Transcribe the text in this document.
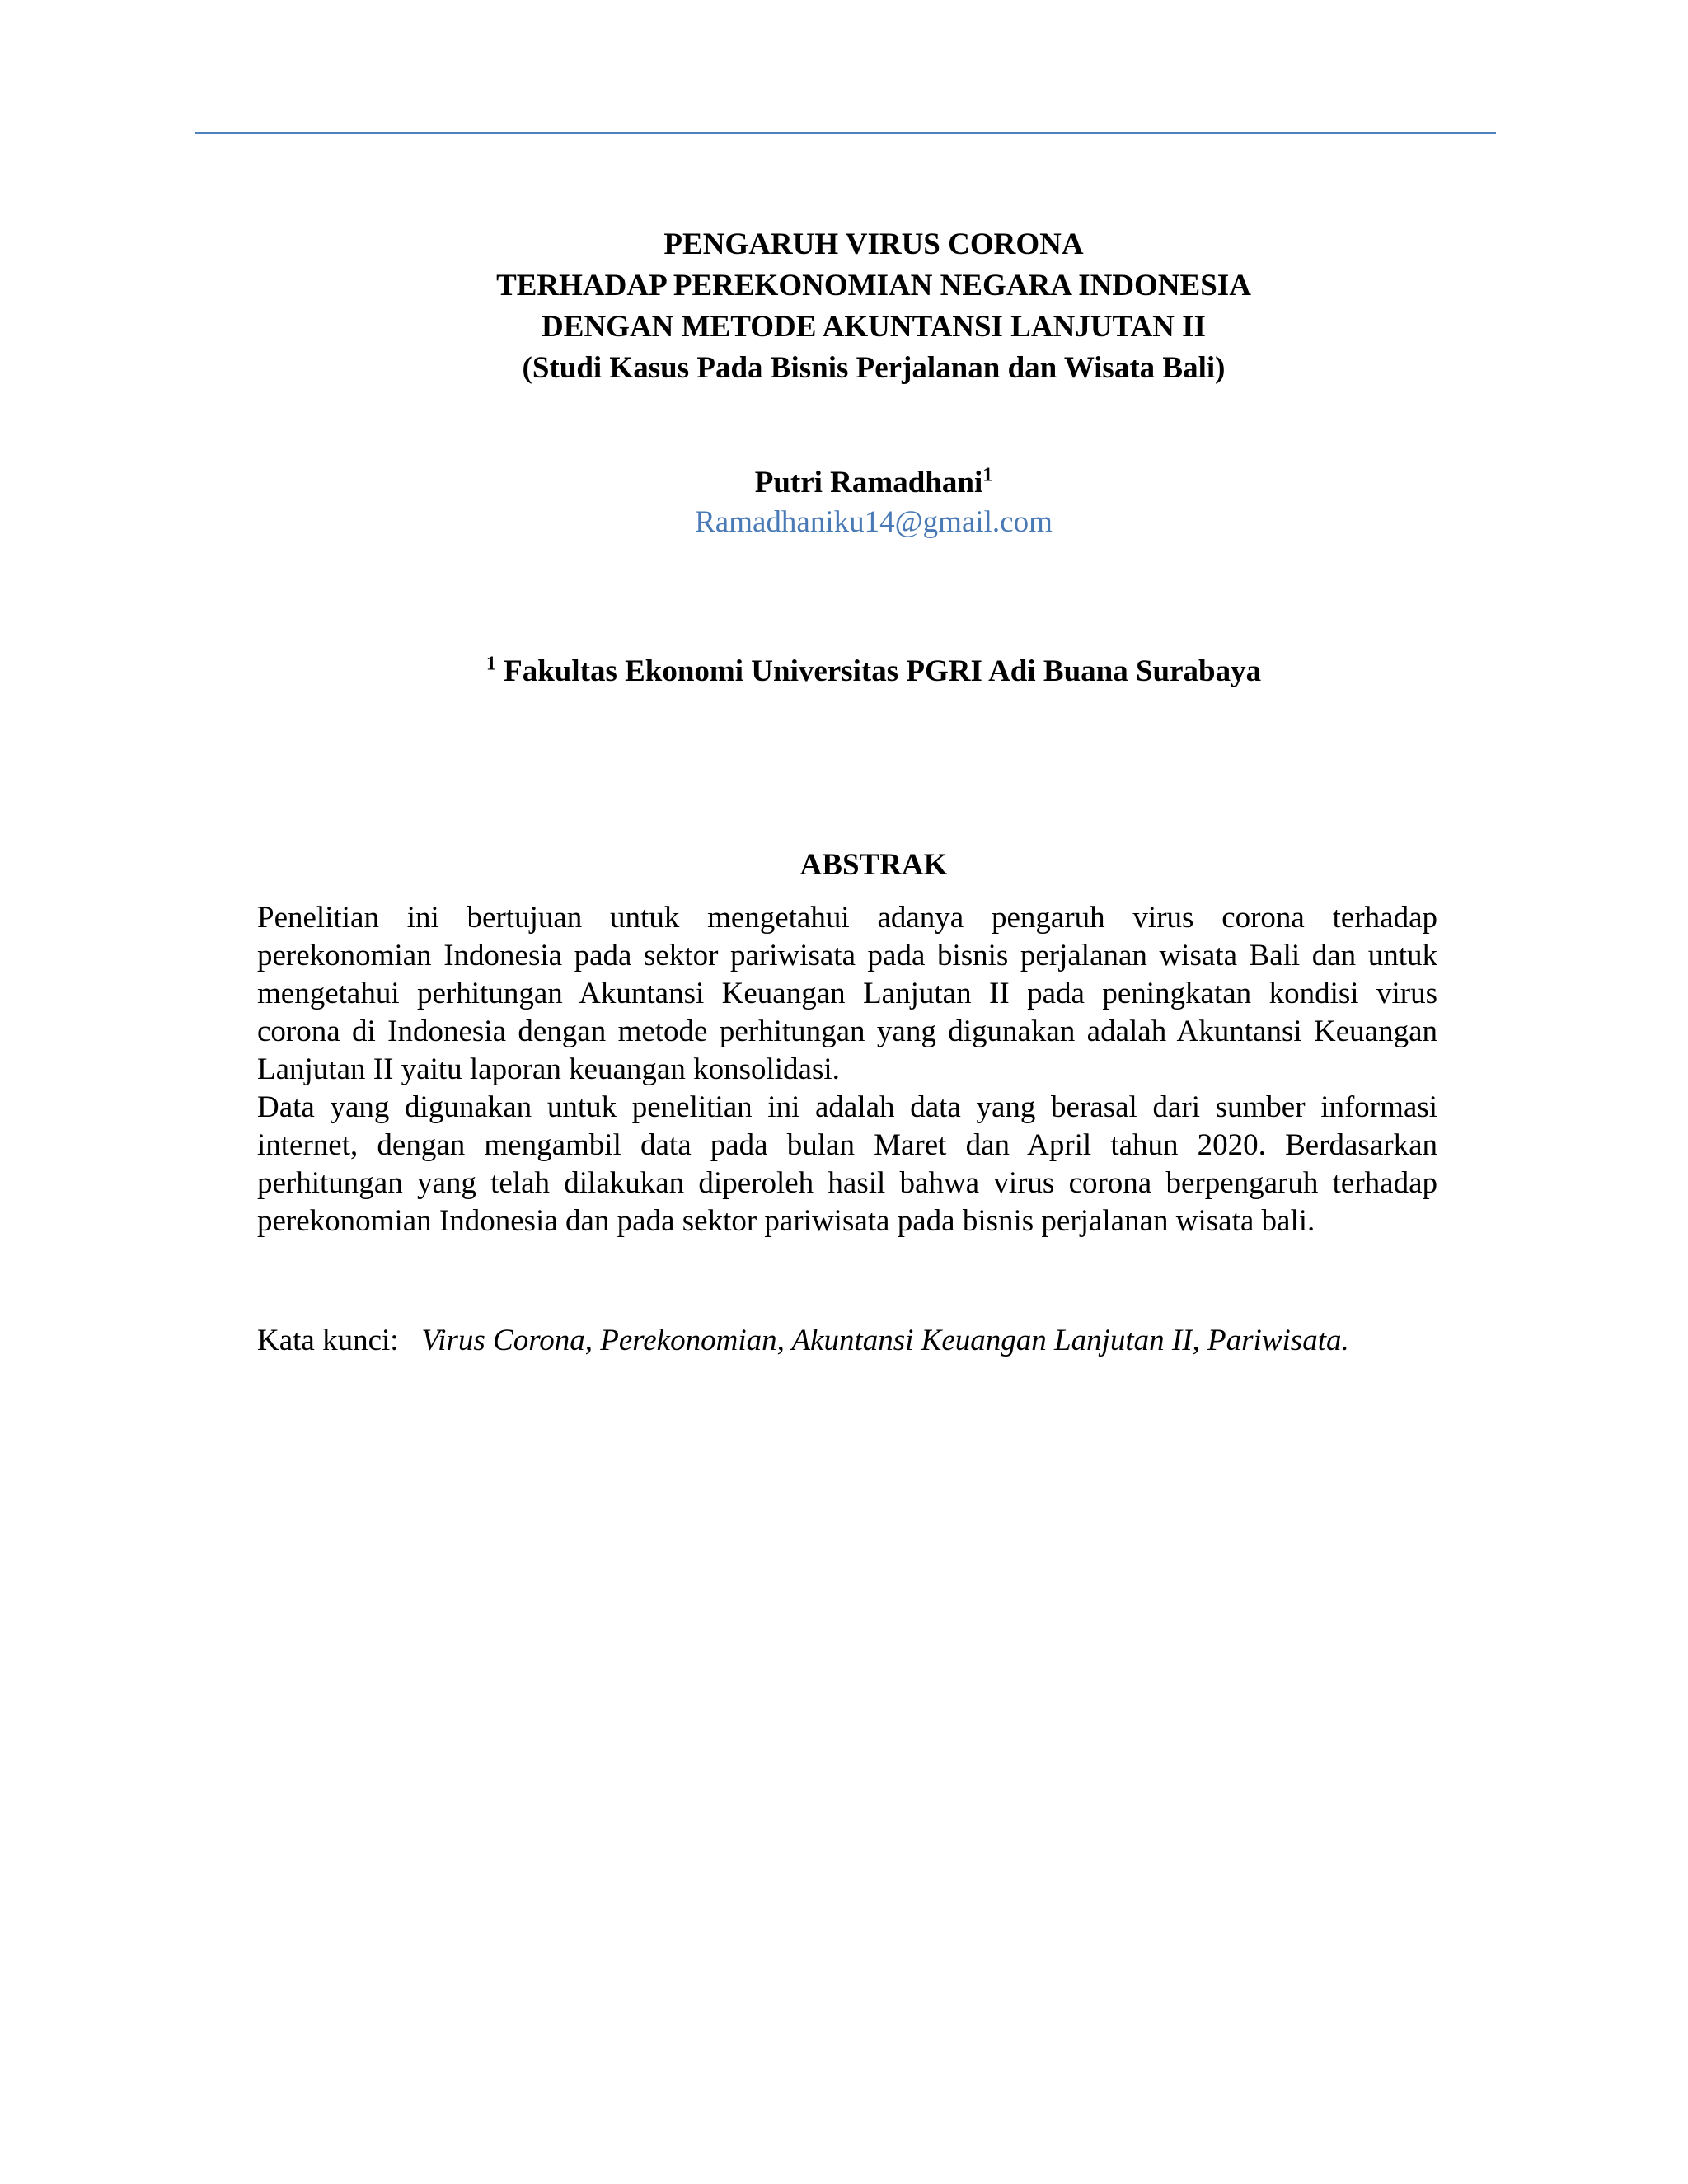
PENGARUH VIRUS CORONA
TERHADAP PEREKONOMIAN NEGARA INDONESIA
DENGAN METODE AKUNTANSI LANJUTAN II
(Studi Kasus Pada Bisnis Perjalanan dan Wisata Bali)
Putri Ramadhani$^1$
Ramadhaniku14@gmail.com
$^1$ Fakultas Ekonomi Universitas PGRI Adi Buana Surabaya
ABSTRAK

Penelitian ini bertujuan untuk mengetahui adanya pengaruh virus corona terhadap perekonomian Indonesia pada sektor pariwisata pada bisnis perjalanan wisata Bali dan untuk mengetahui perhitungan Akuntansi Keuangan Lanjutan II pada peningkatan kondisi virus corona di Indonesia dengan metode perhitungan yang digunakan adalah Akuntansi Keuangan Lanjutan II yaitu laporan keuangan konsolidasi.

Data yang digunakan untuk penelitian ini adalah data yang berasal dari sumber informasi internet, dengan mengambil data pada bulan Maret dan April tahun 2020. Berdasarkan perhitungan yang telah dilakukan diperoleh hasil bahwa virus corona berpengaruh terhadap perekonomian Indonesia dan pada sektor pariwisata pada bisnis perjalanan wisata bali.

Kata kunci: Virus Corona, Perekonomian, Akuntansi Keuangan Lanjutan II, Pariwisata.
